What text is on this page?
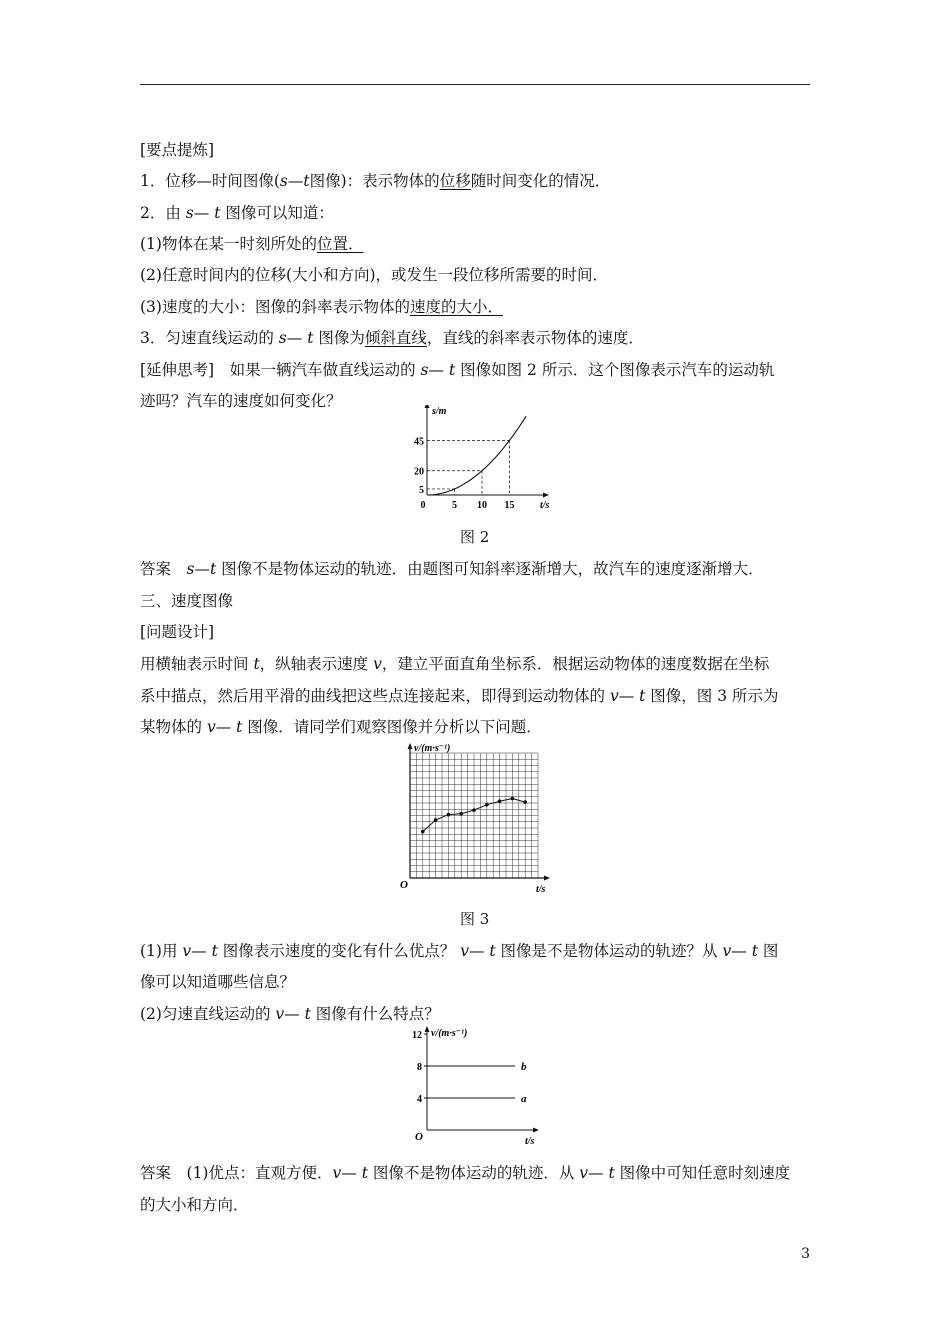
[要点提炼]
1．位移—时间图像(s—t图像)：表示物体的位移随时间变化的情况．
2．由 s— t 图像可以知道：
(1)物体在某一时刻所处的位置．
(2)任意时间内的位移(大小和方向)，或发生一段位移所需要的时间．
(3)速度的大小：图像的斜率表示物体的速度的大小．
3．匀速直线运动的 s— t 图像为倾斜直线，直线的斜率表示物体的速度．
[延伸思考]　如果一辆汽车做直线运动的 s— t 图像如图 2 所示．这个图像表示汽车的运动轨
迹吗？汽车的速度如何变化？
s/m
t/s
0	5
5
10
20
15
45
图 2
答案　 s—t 图像不是物体运动的轨迹．由题图可知斜率逐渐增大，故汽车的速度逐渐增大．
三、速度图像
[问题设计]
用横轴表示时间 t，纵轴表示速度 v，建立平面直角坐标系．根据运动物体的速度数据在坐标
系中描点，然后用平滑的曲线把这些点连接起来，即得到运动物体的 v— t 图像，图 3 所示为
某物体的 v— t 图像．请同学们观察图像并分析以下问题．
v/(m·s⁻¹)
t/s
O
图 3
(1)用 v— t 图像表示速度的变化有什么优点？ v— t 图像是不是物体运动的轨迹？从 v— t 图
像可以知道哪些信息？
(2)匀速直线运动的 v— t 图像有什么特点？
v/(m·s⁻¹)
t/s
O
4
8
12
a
b
答案　(1)优点：直观方便．v— t 图像不是物体运动的轨迹．从 v— t 图像中可知任意时刻速度
的大小和方向．
3
